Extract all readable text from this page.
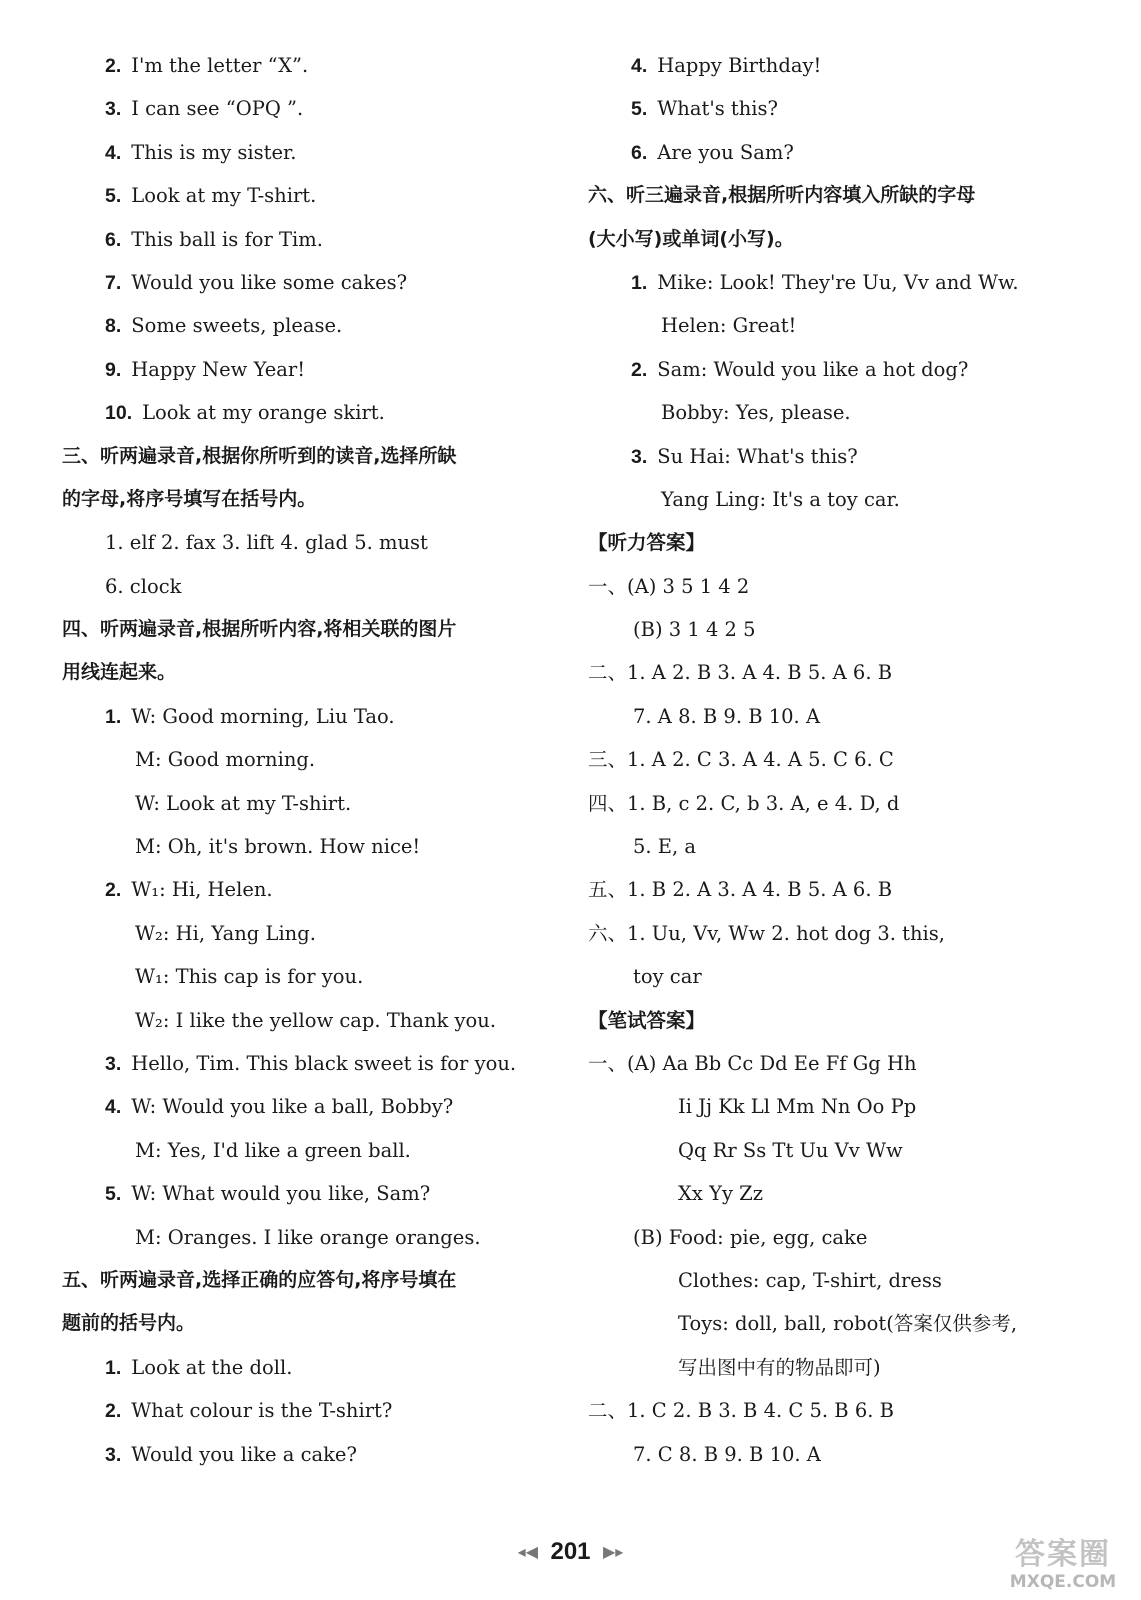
2. I'm the letter “X”.
3. I can see “OPQ ”.
4. This is my sister.
5. Look at my T-shirt.
6. This ball is for Tim.
7. Would you like some cakes?
8. Some sweets, please.
9. Happy New Year!
10. Look at my orange skirt.
三、听两遍录音,根据你所听到的读音,选择所缺
的字母,将序号填写在括号内。
1. elf 2. fax 3. lift 4. glad 5. must
6. clock
四、听两遍录音,根据所听内容,将相关联的图片
用线连起来。
1. W: Good morning, Liu Tao.
M: Good morning.
W: Look at my T-shirt.
M: Oh, it's brown. How nice!
2. W₁: Hi, Helen.
W₂: Hi, Yang Ling.
W₁: This cap is for you.
W₂: I like the yellow cap. Thank you.
3. Hello, Tim. This black sweet is for you.
4. W: Would you like a ball, Bobby?
M: Yes, I'd like a green ball.
5. W: What would you like, Sam?
M: Oranges. I like orange oranges.
五、听两遍录音,选择正确的应答句,将序号填在
题前的括号内。
1. Look at the doll.
2. What colour is the T-shirt?
3. Would you like a cake?
4. Happy Birthday!
5. What's this?
6. Are you Sam?
六、听三遍录音,根据所听内容填入所缺的字母
(大小写)或单词(小写)。
1. Mike: Look! They're Uu, Vv and Ww.
Helen: Great!
2. Sam: Would you like a hot dog?
Bobby: Yes, please.
3. Su Hai: What's this?
Yang Ling: It's a toy car.
【听力答案】
一、(A) 3 5 1 4 2
(B) 3 1 4 2 5
二、1. A 2. B 3. A 4. B 5. A 6. B
7. A 8. B 9. B 10. A
三、1. A 2. C 3. A 4. A 5. C 6. C
四、1. B, c 2. C, b 3. A, e 4. D, d
5. E, a
五、1. B 2. A 3. A 4. B 5. A 6. B
六、1. Uu, Vv, Ww 2. hot dog 3. this,
toy car
【笔试答案】
一、(A) Aa Bb Cc Dd Ee Ff Gg Hh
Ii Jj Kk Ll Mm Nn Oo Pp
Qq Rr Ss Tt Uu Vv Ww
Xx Yy Zz
(B) Food: pie, egg, cake
Clothes: cap, T-shirt, dress
Toys: doll, ball, robot(答案仅供参考,
写出图中有的物品即可)
二、1. C 2. B 3. B 4. C 5. B 6. B
7. C 8. B 9. B 10. A
◂◀ 201 ▶▸	答案圈
MXQE.COM
